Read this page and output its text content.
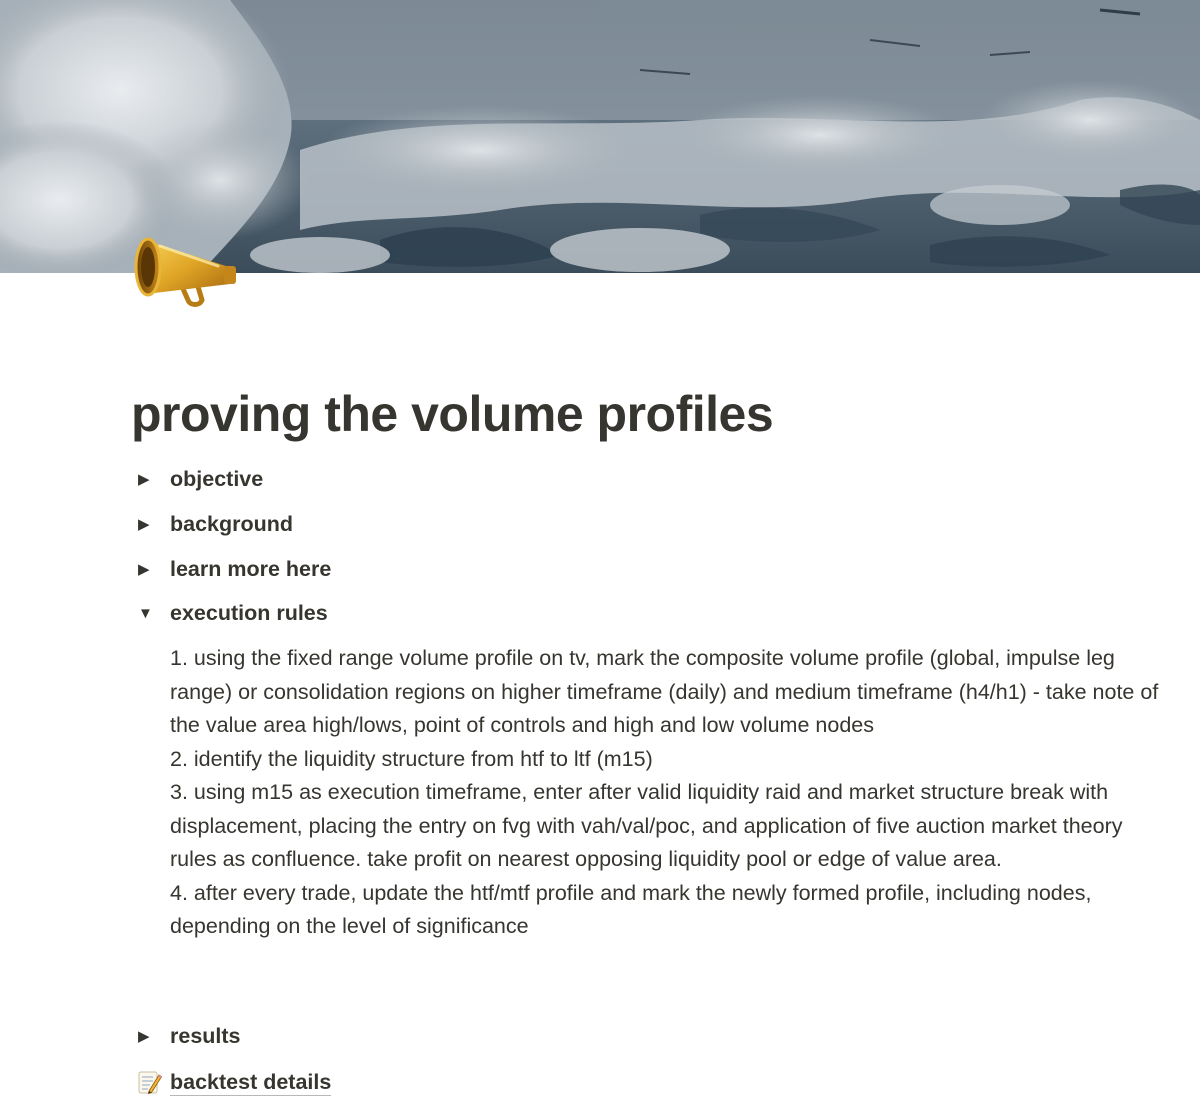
proving the volume profiles
▶ objective
▶ background
▶ learn more here
▼ execution rules

1. using the fixed range volume profile on tv, mark the composite volume profile (global, impulse leg range) or consolidation regions on higher timeframe (daily) and medium timeframe (h4/h1) - take note of the value area high/lows, point of controls and high and low volume nodes

2. identify the liquidity structure from htf to ltf (m15)

3. using m15 as execution timeframe, enter after valid liquidity raid and market structure break with displacement, placing the entry on fvg with vah/val/poc, and application of five auction market theory rules as confluence. take profit on nearest opposing liquidity pool or edge of value area.

4. after every trade, update the htf/mtf profile and mark the newly formed profile, including nodes, depending on the level of significance

▶ results
backtest details
